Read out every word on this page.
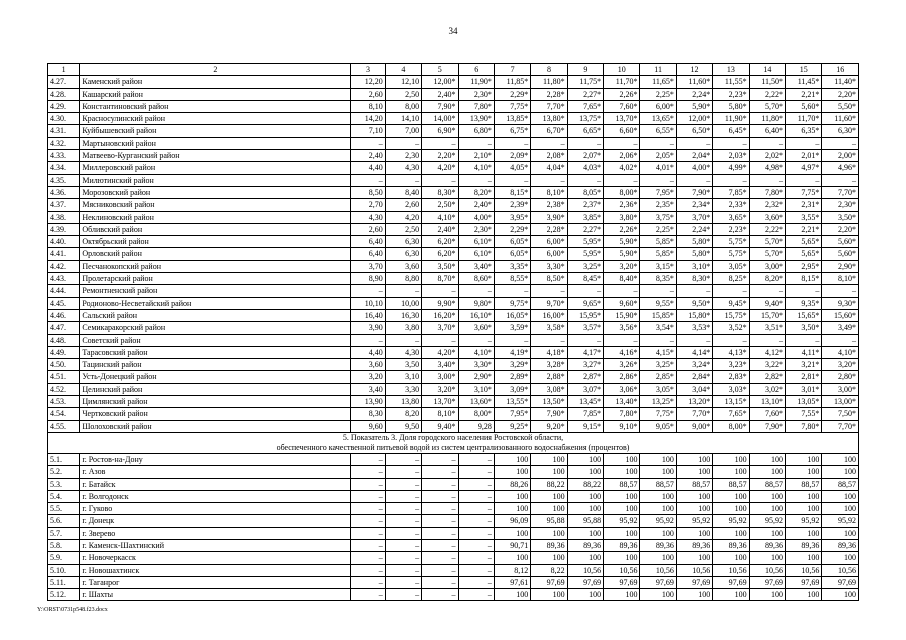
34
1	2	3	4	5	6	7	8	9	10	11	12	13	14	15	16
4.27.	Каменский район	12,20	12,10	12,00*	11,90*	11,85*	11,80*	11,75*	11,70*	11,65*	11,60*	11,55*	11,50*	11,45*	11,40*
4.28.	Кашарский район	2,60	2,50	2,40*	2,30*	2,29*	2,28*	2,27*	2,26*	2,25*	2,24*	2,23*	2,22*	2,21*	2,20*
4.29.	Константиновский район	8,10	8,00	7,90*	7,80*	7,75*	7,70*	7,65*	7,60*	6,00*	5,90*	5,80*	5,70*	5,60*	5,50*
4.30.	Красносулинский район	14,20	14,10	14,00*	13,90*	13,85*	13,80*	13,75*	13,70*	13,65*	12,00*	11,90*	11,80*	11,70*	11,60*
4.31.	Куйбышевский район	7,10	7,00	6,90*	6,80*	6,75*	6,70*	6,65*	6,60*	6,55*	6,50*	6,45*	6,40*	6,35*	6,30*
4.32.	Мартыновский район	–	–	–	–	–	–	–	–	–	–	–	–	–	–
4.33.	Матвеево-Курганский район	2,40	2,30	2,20*	2,10*	2,09*	2,08*	2,07*	2,06*	2,05*	2,04*	2,03*	2,02*	2,01*	2,00*
4.34.	Миллеровский район	4,40	4,30	4,20*	4,10*	4,05*	4,04*	4,03*	4,02*	4,01*	4,00*	4,99*	4,98*	4,97*	4,96*
4.35.	Милютинский район	–	–	–	–	–	–	–	–	–	–	–	–	–	–
4.36.	Морозовский район	8,50	8,40	8,30*	8,20*	8,15*	8,10*	8,05*	8,00*	7,95*	7,90*	7,85*	7,80*	7,75*	7,70*
4.37.	Мясниковский район	2,70	2,60	2,50*	2,40*	2,39*	2,38*	2,37*	2,36*	2,35*	2,34*	2,33*	2,32*	2,31*	2,30*
4.38.	Неклиновский район	4,30	4,20	4,10*	4,00*	3,95*	3,90*	3,85*	3,80*	3,75*	3,70*	3,65*	3,60*	3,55*	3,50*
4.39.	Обливский район	2,60	2,50	2,40*	2,30*	2,29*	2,28*	2,27*	2,26*	2,25*	2,24*	2,23*	2,22*	2,21*	2,20*
4.40.	Октябрьский район	6,40	6,30	6,20*	6,10*	6,05*	6,00*	5,95*	5,90*	5,85*	5,80*	5,75*	5,70*	5,65*	5,60*
4.41.	Орловский район	6,40	6,30	6,20*	6,10*	6,05*	6,00*	5,95*	5,90*	5,85*	5,80*	5,75*	5,70*	5,65*	5,60*
4.42.	Песчанокопский район	3,70	3,60	3,50*	3,40*	3,35*	3,30*	3,25*	3,20*	3,15*	3,10*	3,05*	3,00*	2,95*	2,90*
4.43.	Пролетарский район	8,90	8,80	8,70*	8,60*	8,55*	8,50*	8,45*	8,40*	8,35*	8,30*	8,25*	8,20*	8,15*	8,10*
4.44.	Ремонтненский район	–	–	–	–	–	–	–	–	–	–	–	–	–	–
4.45.	Родионово-Несветайский район	10,10	10,00	9,90*	9,80*	9,75*	9,70*	9,65*	9,60*	9,55*	9,50*	9,45*	9,40*	9,35*	9,30*
4.46.	Сальский район	16,40	16,30	16,20*	16,10*	16,05*	16,00*	15,95*	15,90*	15,85*	15,80*	15,75*	15,70*	15,65*	15,60*
4.47.	Семикаракорский район	3,90	3,80	3,70*	3,60*	3,59*	3,58*	3,57*	3,56*	3,54*	3,53*	3,52*	3,51*	3,50*	3,49*
4.48.	Советский район	–	–	–	–	–	–	–	–	–	–	–	–	–	–
4.49.	Тарасовский район	4,40	4,30	4,20*	4,10*	4,19*	4,18*	4,17*	4,16*	4,15*	4,14*	4,13*	4,12*	4,11*	4,10*
4.50.	Тацинский район	3,60	3,50	3,40*	3,30*	3,29*	3,28*	3,27*	3,26*	3,25*	3,24*	3,23*	3,22*	3,21*	3,20*
4.51.	Усть-Донецкий район	3,20	3,10	3,00*	2,90*	2,89*	2,88*	2,87*	2,86*	2,85*	2,84*	2,83*	2,82*	2,81*	2,80*
4.52.	Целинский район	3,40	3,30	3,20*	3,10*	3,09*	3,08*	3,07*	3,06*	3,05*	3,04*	3,03*	3,02*	3,01*	3,00*
4.53.	Цимлянский район	13,90	13,80	13,70*	13,60*	13,55*	13,50*	13,45*	13,40*	13,25*	13,20*	13,15*	13,10*	13,05*	13,00*
4.54.	Чертковский район	8,30	8,20	8,10*	8,00*	7,95*	7,90*	7,85*	7,80*	7,75*	7,70*	7,65*	7,60*	7,55*	7,50*
4.55.	Шолоховский район	9,60	9,50	9,40*	9,28	9,25*	9,20*	9,15*	9,10*	9,05*	9,00*	8,00*	7,90*	7,80*	7,70*
5. Показатель 3. Доля городского населения Ростовской области,															
обеспеченного качественной питьевой водой из систем централизованного водоснабжения (процентов)															
5.1.	г. Ростов-на-Дону	–	–	–	–	100	100	100	100	100	100	100	100	100	100
5.2.	г. Азов	–	–	–	–	100	100	100	100	100	100	100	100	100	100
5.3.	г. Батайск	–	–	–	–	88,26	88,22	88,22	88,57	88,57	88,57	88,57	88,57	88,57	88,57
5.4.	г. Волгодонск	–	–	–	–	100	100	100	100	100	100	100	100	100	100
5.5.	г. Гуково	–	–	–	–	100	100	100	100	100	100	100	100	100	100
5.6.	г. Донецк	–	–	–	–	96,09	95,88	95,88	95,92	95,92	95,92	95,92	95,92	95,92	95,92
5.7.	г. Зверево	–	–	–	–	100	100	100	100	100	100	100	100	100	100
5.8.	г. Каменск-Шахтинский	–	–	–	–	90,71	89,36	89,36	89,36	89,36	89,36	89,36	89,36	89,36	89,36
5.9.	г. Новочеркасск	–	–	–	–	100	100	100	100	100	100	100	100	100	100
5.10.	г. Новошахтинск	–	–	–	–	8,12	8,22	10,56	10,56	10,56	10,56	10,56	10,56	10,56	10,56
5.11.	г. Таганрог	–	–	–	–	97,61	97,69	97,69	97,69	97,69	97,69	97,69	97,69	97,69	97,69
5.12.	г. Шахты	–	–	–	–	100	100	100	100	100	100	100	100	100	100
Y:\ORST\0731p548.f23.docx
